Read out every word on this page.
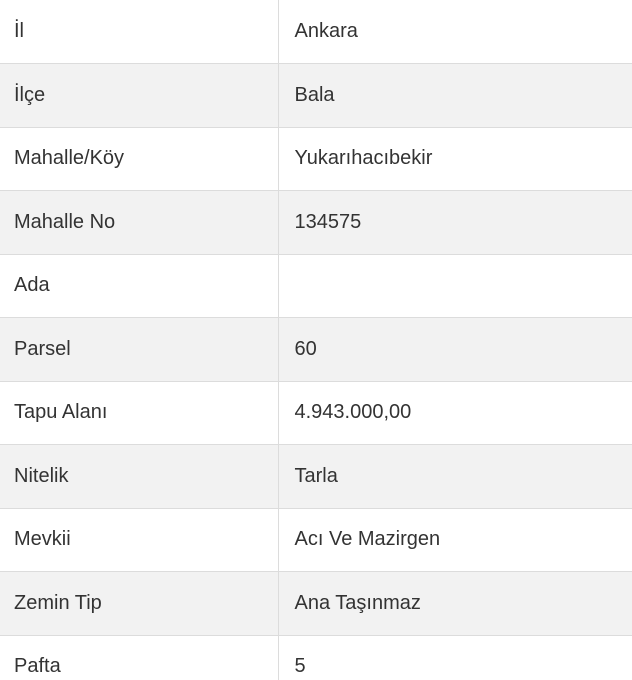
İl	Ankara
İlçe	Bala
Mahalle/Köy	Yukarıhacıbekir
Mahalle No	134575
Ada	
Parsel	60
Tapu Alanı	4.943.000,00
Nitelik	Tarla
Mevkii	Acı Ve Mazirgen
Zemin Tip	Ana Taşınmaz
Pafta	5
